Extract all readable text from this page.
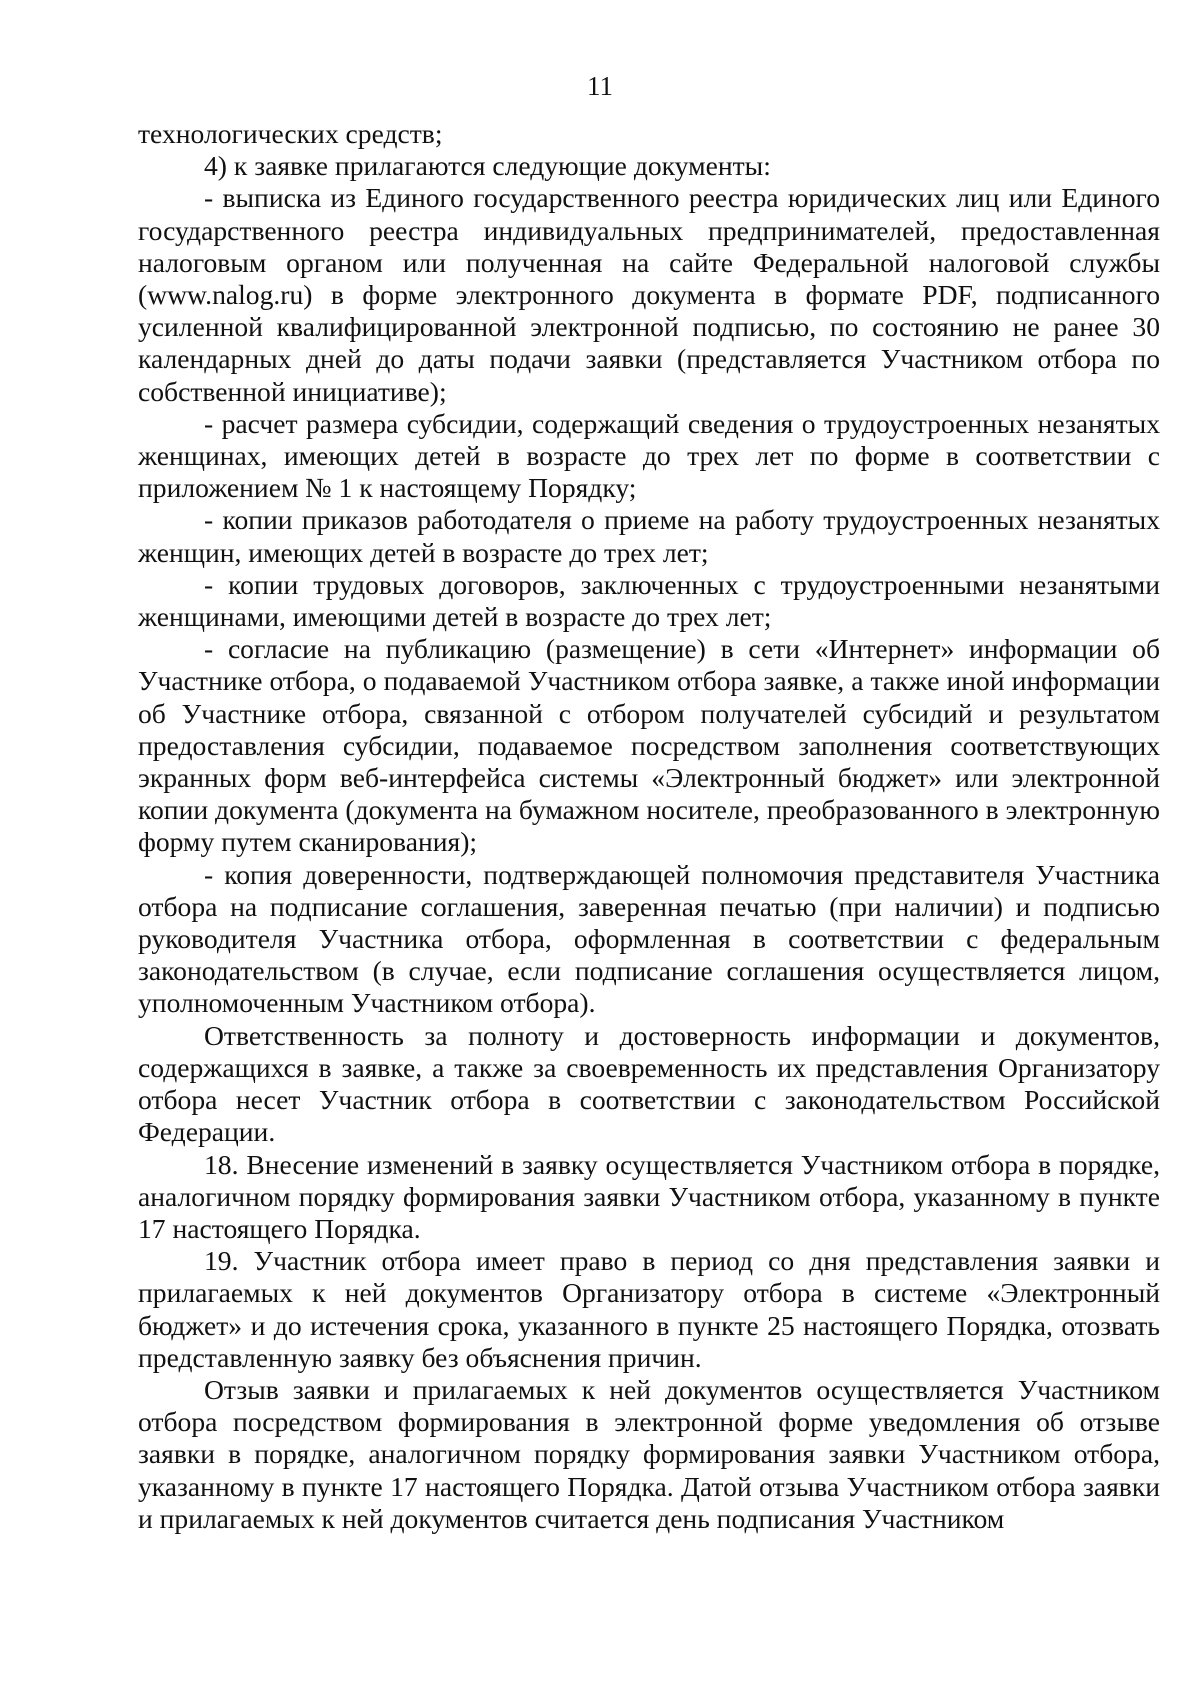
11

технологических средств;

4) к заявке прилагаются следующие документы:

- выписка из Единого государственного реестра юридических лиц или Единого государственного реестра индивидуальных предпринимателей, предоставленная налоговым органом или полученная на сайте Федеральной налоговой службы (www.nalog.ru) в форме электронного документа в формате PDF, подписанного усиленной квалифицированной электронной подписью, по состоянию не ранее 30 календарных дней до даты подачи заявки (представляется Участником отбора по собственной инициативе);

- расчет размера субсидии, содержащий сведения о трудоустроенных незанятых женщинах, имеющих детей в возрасте до трех лет по форме в соответствии с приложением № 1 к настоящему Порядку;

- копии приказов работодателя о приеме на работу трудоустроенных незанятых женщин, имеющих детей в возрасте до трех лет;

- копии трудовых договоров, заключенных с трудоустроенными незанятыми женщинами, имеющими детей в возрасте до трех лет;

- согласие на публикацию (размещение) в сети «Интернет» информации об Участнике отбора, о подаваемой Участником отбора заявке, а также иной информации об Участнике отбора, связанной с отбором получателей субсидий и результатом предоставления субсидии, подаваемое посредством заполнения соответствующих экранных форм веб-интерфейса системы «Электронный бюджет» или электронной копии документа (документа на бумажном носителе, преобразованного в электронную форму путем сканирования);

- копия доверенности, подтверждающей полномочия представителя Участника отбора на подписание соглашения, заверенная печатью (при наличии) и подписью руководителя Участника отбора, оформленная в соответствии с федеральным законодательством (в случае, если подписание соглашения осуществляется лицом, уполномоченным Участником отбора).

Ответственность за полноту и достоверность информации и документов, содержащихся в заявке, а также за своевременность их представления Организатору отбора несет Участник отбора в соответствии с законодательством Российской Федерации.

18. Внесение изменений в заявку осуществляется Участником отбора в порядке, аналогичном порядку формирования заявки Участником отбора, указанному в пункте 17 настоящего Порядка.

19. Участник отбора имеет право в период со дня представления заявки и прилагаемых к ней документов Организатору отбора в системе «Электронный бюджет» и до истечения срока, указанного в пункте 25 настоящего Порядка, отозвать представленную заявку без объяснения причин.

Отзыв заявки и прилагаемых к ней документов осуществляется Участником отбора посредством формирования в электронной форме уведомления об отзыве заявки в порядке, аналогичном порядку формирования заявки Участником отбора, указанному в пункте 17 настоящего Порядка. Датой отзыва Участником отбора заявки и прилагаемых к ней документов считается день подписания Участником
